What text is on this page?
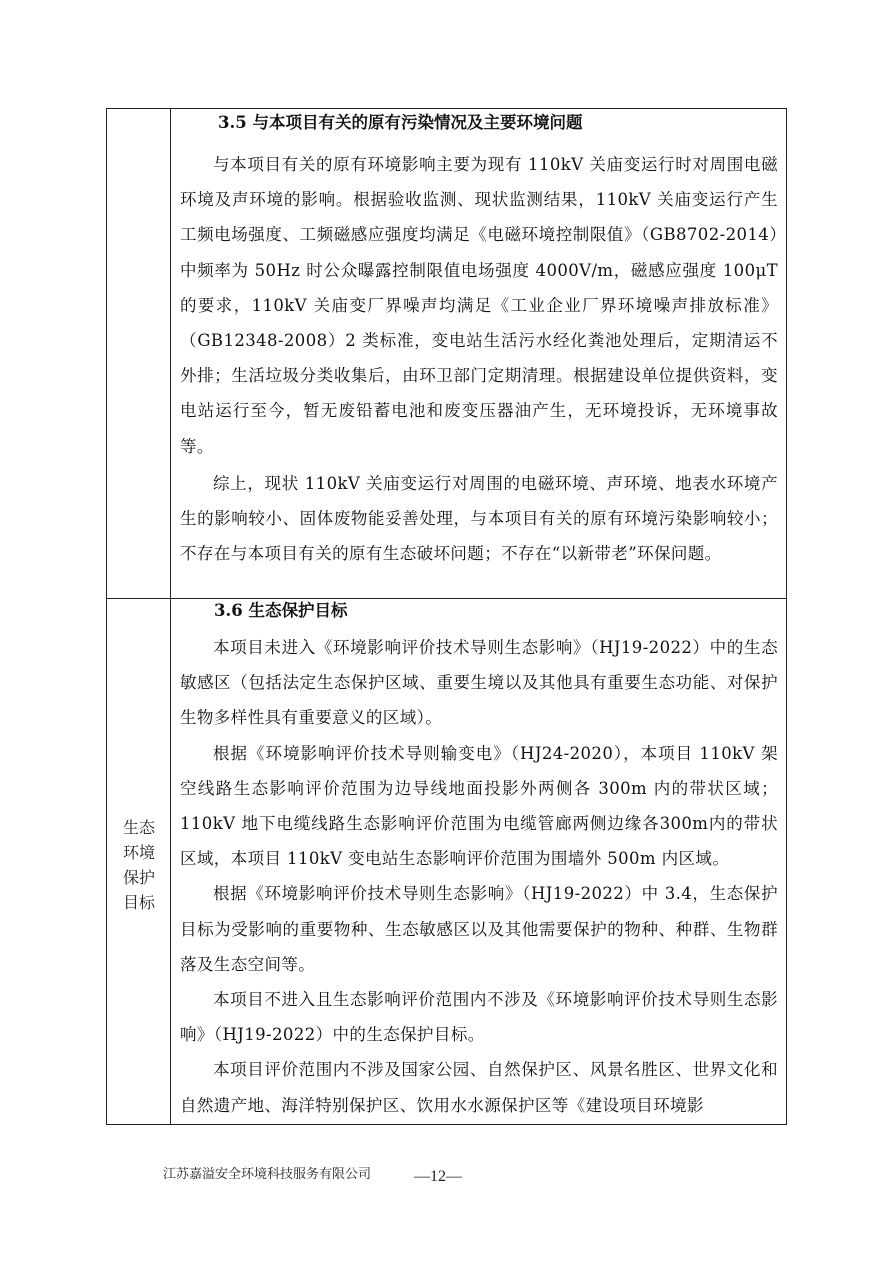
3.5 与本项目有关的原有污染情况及主要环境问题

与本项目有关的原有环境影响主要为现有 110kV 关庙变运行时对周围电磁环境及声环境的影响。根据验收监测、现状监测结果，110kV 关庙变运行产生工频电场强度、工频磁感应强度均满足《电磁环境控制限值》（GB8702-2014）中频率为 50Hz 时公众曝露控制限值电场强度 4000V/m，磁感应强度 100μT 的要求，110kV 关庙变厂界噪声均满足《工业企业厂界环境噪声排放标准》（GB12348-2008）2 类标准，变电站生活污水经化粪池处理后，定期清运不外排；生活垃圾分类收集后，由环卫部门定期清理。根据建设单位提供资料，变电站运行至今，暂无废铅蓄电池和废变压器油产生，无环境投诉，无环境事故等。

综上，现状 110kV 关庙变运行对周围的电磁环境、声环境、地表水环境产生的影响较小、固体废物能妥善处理，与本项目有关的原有环境污染影响较小；不存在与本项目有关的原有生态破坏问题；不存在“以新带老”环保问题。

生态
环境
保护
目标
3.6 生态保护目标

本项目未进入《环境影响评价技术导则生态影响》（HJ19-2022）中的生态敏感区（包括法定生态保护区域、重要生境以及其他具有重要生态功能、对保护生物多样性具有重要意义的区域）。

根据《环境影响评价技术导则输变电》（HJ24-2020），本项目 110kV 架空线路生态影响评价范围为边导线地面投影外两侧各 300m 内的带状区域；110kV 地下电缆线路生态影响评价范围为电缆管廊两侧边缘各300m内的带状区域，本项目 110kV 变电站生态影响评价范围为围墙外 500m 内区域。

根据《环境影响评价技术导则生态影响》（HJ19-2022）中 3.4，生态保护目标为受影响的重要物种、生态敏感区以及其他需要保护的物种、种群、生物群落及生态空间等。

本项目不进入且生态影响评价范围内不涉及《环境影响评价技术导则生态影响》（HJ19-2022）中的生态保护目标。

本项目评价范围内不涉及国家公园、自然保护区、风景名胜区、世界文化和自然遗产地、海洋特别保护区、饮用水水源保护区等《建设项目环境影

江苏嘉溢安全环境科技服务有限公司	—12—
